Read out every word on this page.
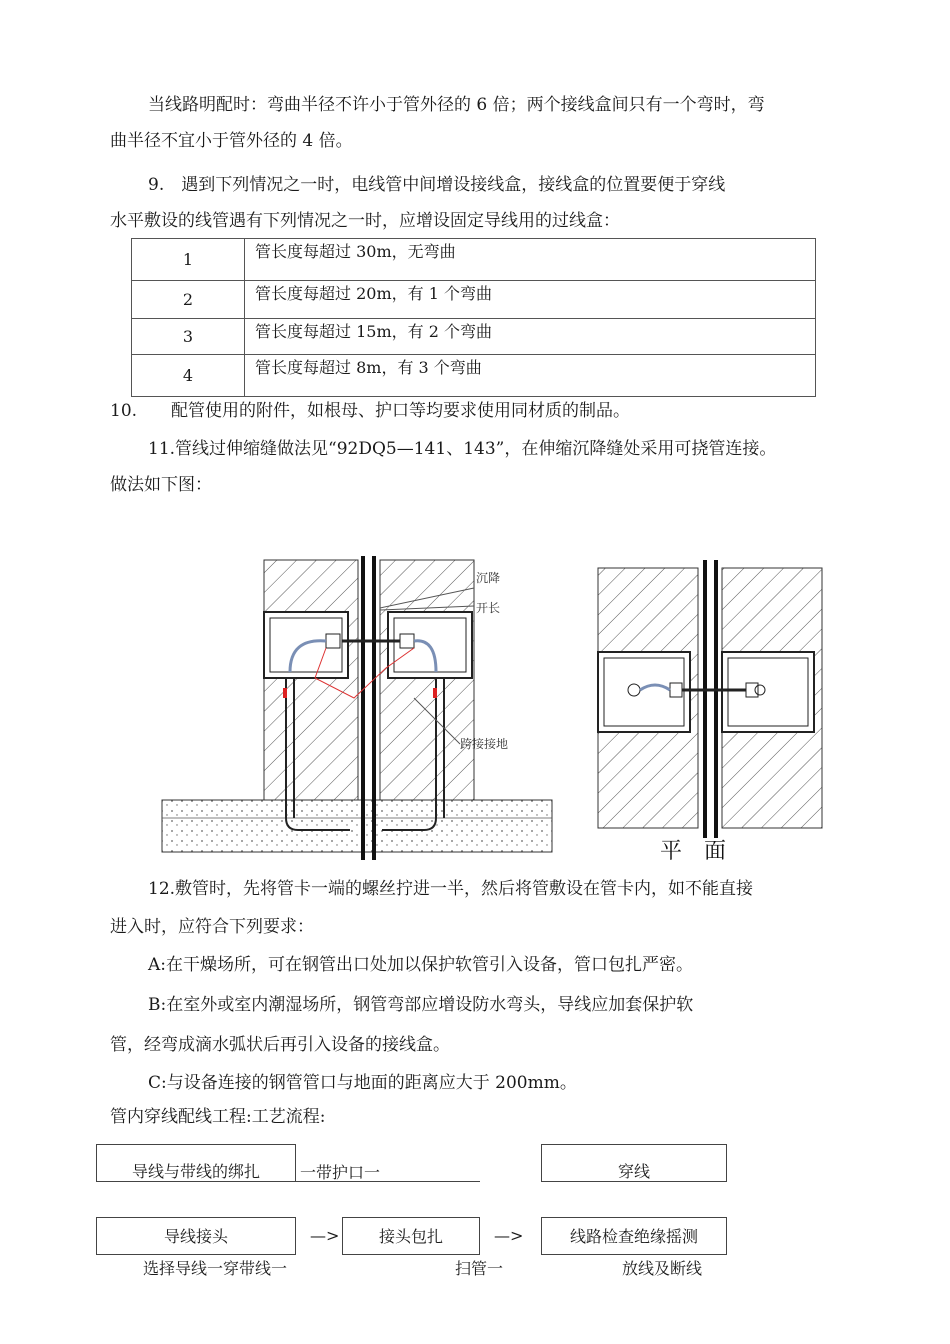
当线路明配时：弯曲半径不许小于管外径的 6 倍；两个接线盒间只有一个弯时，弯
曲半径不宜小于管外径的 4 倍。
9.　遇到下列情况之一时，电线管中间增设接线盒，接线盒的位置要便于穿线
水平敷设的线管遇有下列情况之一时，应增设固定导线用的过线盒：
1	管长度每超过 30m，无弯曲
2	管长度每超过 20m，有 1 个弯曲
3	管长度每超过 15m，有 2 个弯曲
4	管长度每超过 8m，有 3 个弯曲
10.　　配管使用的附件，如根母、护口等均要求使用同材质的制品。
11.管线过伸缩缝做法见“92DQ5—141、143”，在伸缩沉降缝处采用可挠管连接。
做法如下图：
沉降
开长
跨接接地
平　面
12.敷管时，先将管卡一端的螺丝拧进一半，然后将管敷设在管卡内，如不能直接
进入时，应符合下列要求：
A:在干燥场所，可在钢管出口处加以保护软管引入设备，管口包扎严密。
B:在室外或室内潮湿场所，钢管弯部应增设防水弯头，导线应加套保护软
管，经弯成滴水弧状后再引入设备的接线盒。
C:与设备连接的钢管管口与地面的距离应大于 200mm。
管内穿线配线工程:工艺流程:
导线与带线的绑扎	一带护口一	穿线
导线接头	—>	接头包扎	—>	线路检查绝缘摇测
选择导线一穿带线一	扫管一	放线及断线
